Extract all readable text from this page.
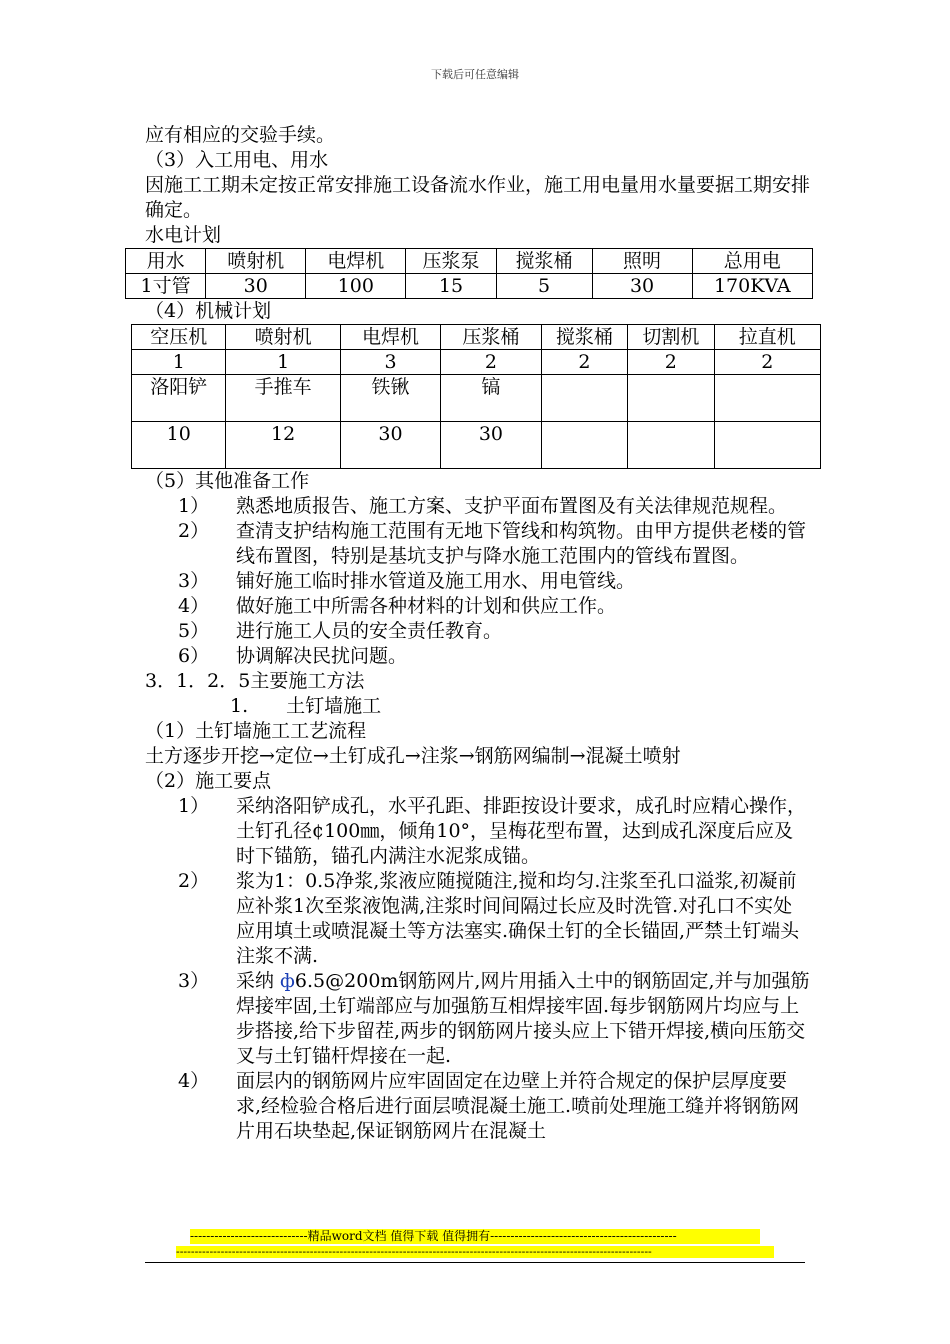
下载后可任意编辑

应有相应的交验手续。

（3）入工用电、用水

因施工工期未定按正常安排施工设备流水作业，施工用电量用水量要据工期安排确定。

水电计划

用水	喷射机	电焊机	压浆泵	搅浆桶	照明	总用电
1寸管	30	100	15	5	30	170KVA

（4）机械计划

空压机	喷射机	电焊机	压浆桶	搅浆桶	切割机	拉直机
1	1	3	2	2	2	2
洛阳铲	手推车	铁锹	镐			
10	12	30	30			

（5）其他准备工作

1） 熟悉地质报告、施工方案、支护平面布置图及有关法律规范规程。
2） 查清支护结构施工范围有无地下管线和构筑物。由甲方提供老楼的管线布置图，特别是基坑支护与降水施工范围内的管线布置图。
3） 铺好施工临时排水管道及施工用水、用电管线。
4） 做好施工中所需各种材料的计划和供应工作。
5） 进行施工人员的安全责任教育。
6） 协调解决民扰问题。

3．1．2．5主要施工方法

1.　　土钉墙施工

（1）土钉墙施工工艺流程

土方逐步开挖→定位→土钉成孔→注浆→钢筋网编制→混凝土喷射

（2）施工要点

1） 采纳洛阳铲成孔，水平孔距、排距按设计要求，成孔时应精心操作，土钉孔径¢100㎜，倾角10°，呈梅花型布置，达到成孔深度后应及时下锚筋，锚孔内满注水泥浆成锚。
2） 浆为1：0.5净浆,浆液应随搅随注,搅和均匀.注浆至孔口溢浆,初凝前应补浆1次至浆液饱满,注浆时间间隔过长应及时洗管.对孔口不实处应用填土或喷混凝土等方法塞实.确保土钉的全长锚固,严禁土钉端头注浆不满.
3） 采纳 ф6.5@200m钢筋网片,网片用插入土中的钢筋固定,并与加强筋焊接牢固,土钉端部应与加强筋互相焊接牢固.每步钢筋网片均应与上步搭接,给下步留茬,两步的钢筋网片接头应上下错开焊接,横向压筋交叉与土钉锚杆焊接在一起.
4） 面层内的钢筋网片应牢固固定在边壁上并符合规定的保护层厚度要求,经检验合格后进行面层喷混凝土施工.喷前处理施工缝并将钢筋网片用石块垫起,保证钢筋网片在混凝土
-----------------------------精品word文档 值得下载 值得拥有----------------------------------------------
--------------------------------------------------------------------------------------------------------------------------------
